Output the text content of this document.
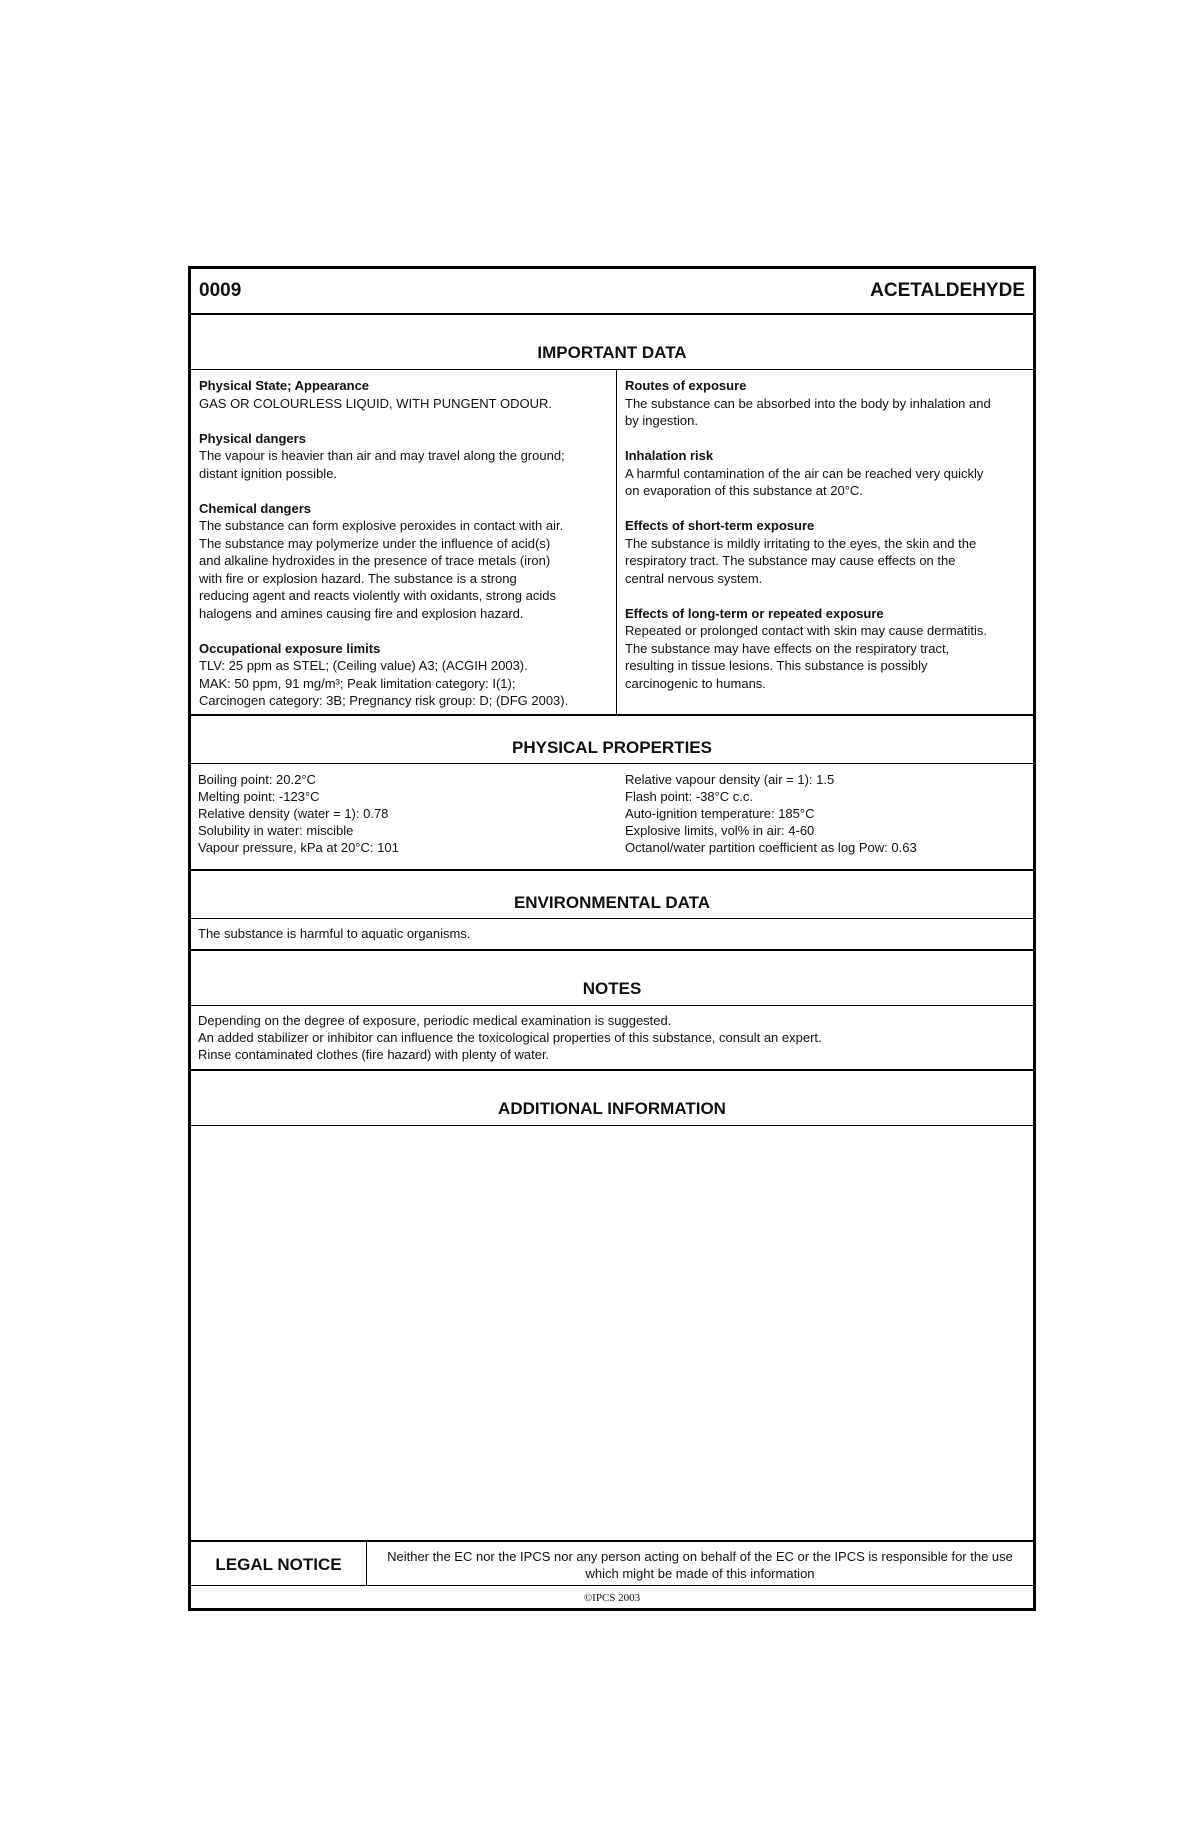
0009	ACETALDEHYDE
IMPORTANT DATA
Physical State; Appearance

GAS OR COLOURLESS LIQUID, WITH PUNGENT ODOUR.

Physical dangers

The vapour is heavier than air and may travel along the ground;
distant ignition possible.

Chemical dangers

The substance can form explosive peroxides in contact with air.
The substance may polymerize under the influence of acid(s)
and alkaline hydroxides in the presence of trace metals (iron)
with fire or explosion hazard. The substance is a strong
reducing agent and reacts violently with oxidants, strong acids
halogens and amines causing fire and explosion hazard.

Occupational exposure limits

TLV: 25 ppm as STEL; (Ceiling value) A3; (ACGIH 2003).
MAK: 50 ppm, 91 mg/m³; Peak limitation category: I(1);
Carcinogen category: 3B; Pregnancy risk group: D; (DFG 2003).

Routes of exposure

The substance can be absorbed into the body by inhalation and
by ingestion.

Inhalation risk

A harmful contamination of the air can be reached very quickly
on evaporation of this substance at 20°C.

Effects of short-term exposure

The substance is mildly irritating to the eyes, the skin and the
respiratory tract. The substance may cause effects on the
central nervous system.

Effects of long-term or repeated exposure

Repeated or prolonged contact with skin may cause dermatitis.
The substance may have effects on the respiratory tract,
resulting in tissue lesions. This substance is possibly
carcinogenic to humans.

PHYSICAL PROPERTIES
Boiling point: 20.2°C
Melting point: -123°C
Relative density (water = 1): 0.78
Solubility in water: miscible
Vapour pressure, kPa at 20°C: 101
Relative vapour density (air = 1): 1.5
Flash point: -38°C c.c.
Auto-ignition temperature: 185°C
Explosive limits, vol% in air: 4-60
Octanol/water partition coefficient as log Pow: 0.63
ENVIRONMENTAL DATA
The substance is harmful to aquatic organisms.
NOTES
Depending on the degree of exposure, periodic medical examination is suggested.
An added stabilizer or inhibitor can influence the toxicological properties of this substance, consult an expert.
Rinse contaminated clothes (fire hazard) with plenty of water.
ADDITIONAL INFORMATION
LEGAL NOTICE	Neither the EC nor the IPCS nor any person acting on behalf of the EC or the IPCS is responsible for the use which might be made of this information
©IPCS 2003
